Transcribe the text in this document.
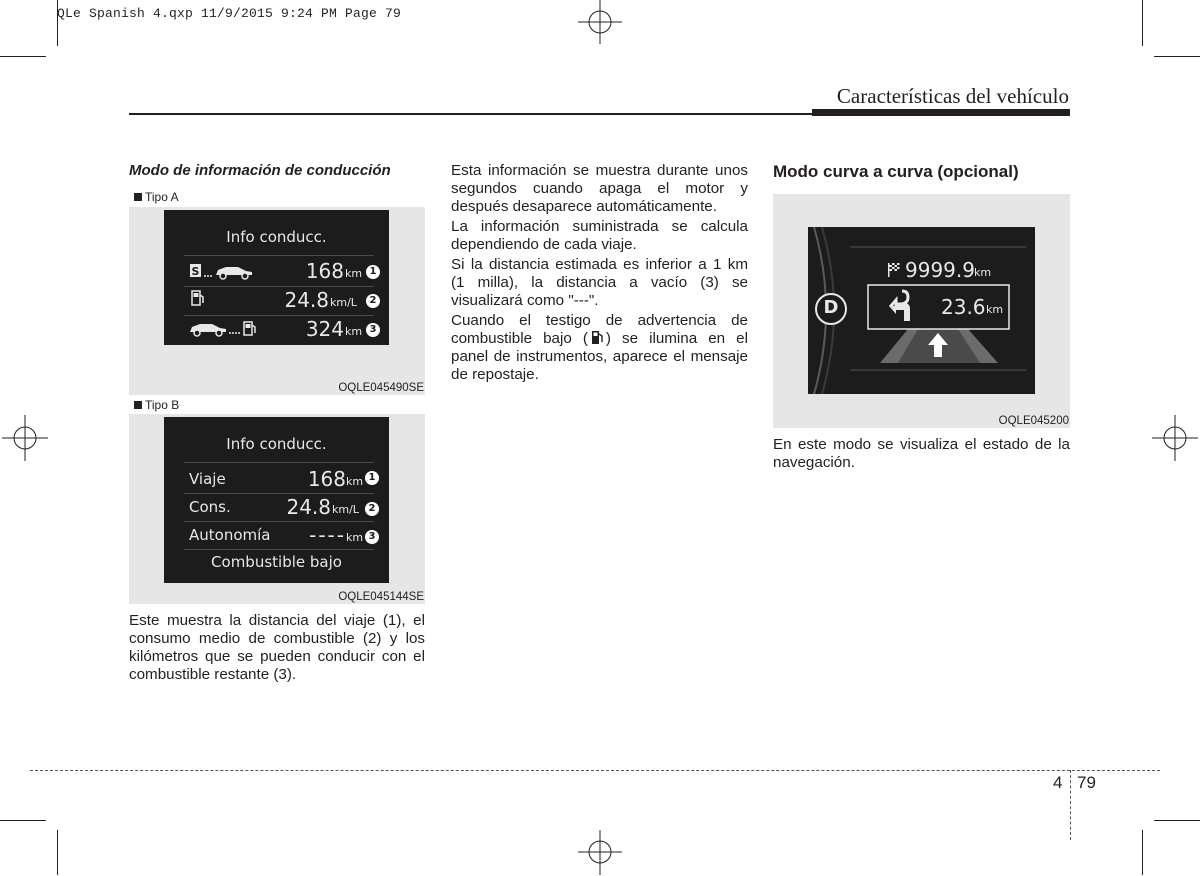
QLe Spanish 4.qxp 11/9/2015 9:24 PM Page 79
Características del vehículo
Modo de información de conducción
Tipo A
Info conducc.
S	168 km 1
24.8 km/L	2
324 km 3
OQLE045490SE
Tipo B
Info conducc.
Viaje	168 km 1
Cons.	24.8 km/L 2
Autonomía	---- km 3
Combustible bajo
OQLE045144SE
Este muestra la distancia del viaje (1), el consumo medio de combustible (2) y los kilómetros que se pueden conducir con el combustible restante (3).

Esta información se muestra durante unos segundos cuando apaga el motor y después desaparece automáticamente.

La información suministrada se calcula dependiendo de cada viaje.

Si la distancia estimada es inferior a 1 km (1 milla), la distancia a vacío (3) se visualizará como "---".

Cuando el testigo de advertencia de combustible bajo ( ) se ilumina en el panel de instrumentos, aparece el mensaje de repostaje.

Modo curva a curva (opcional)
D
9999.9 km
23.6 km
OQLE045200
En este modo se visualiza el estado de la navegación.
4 79
